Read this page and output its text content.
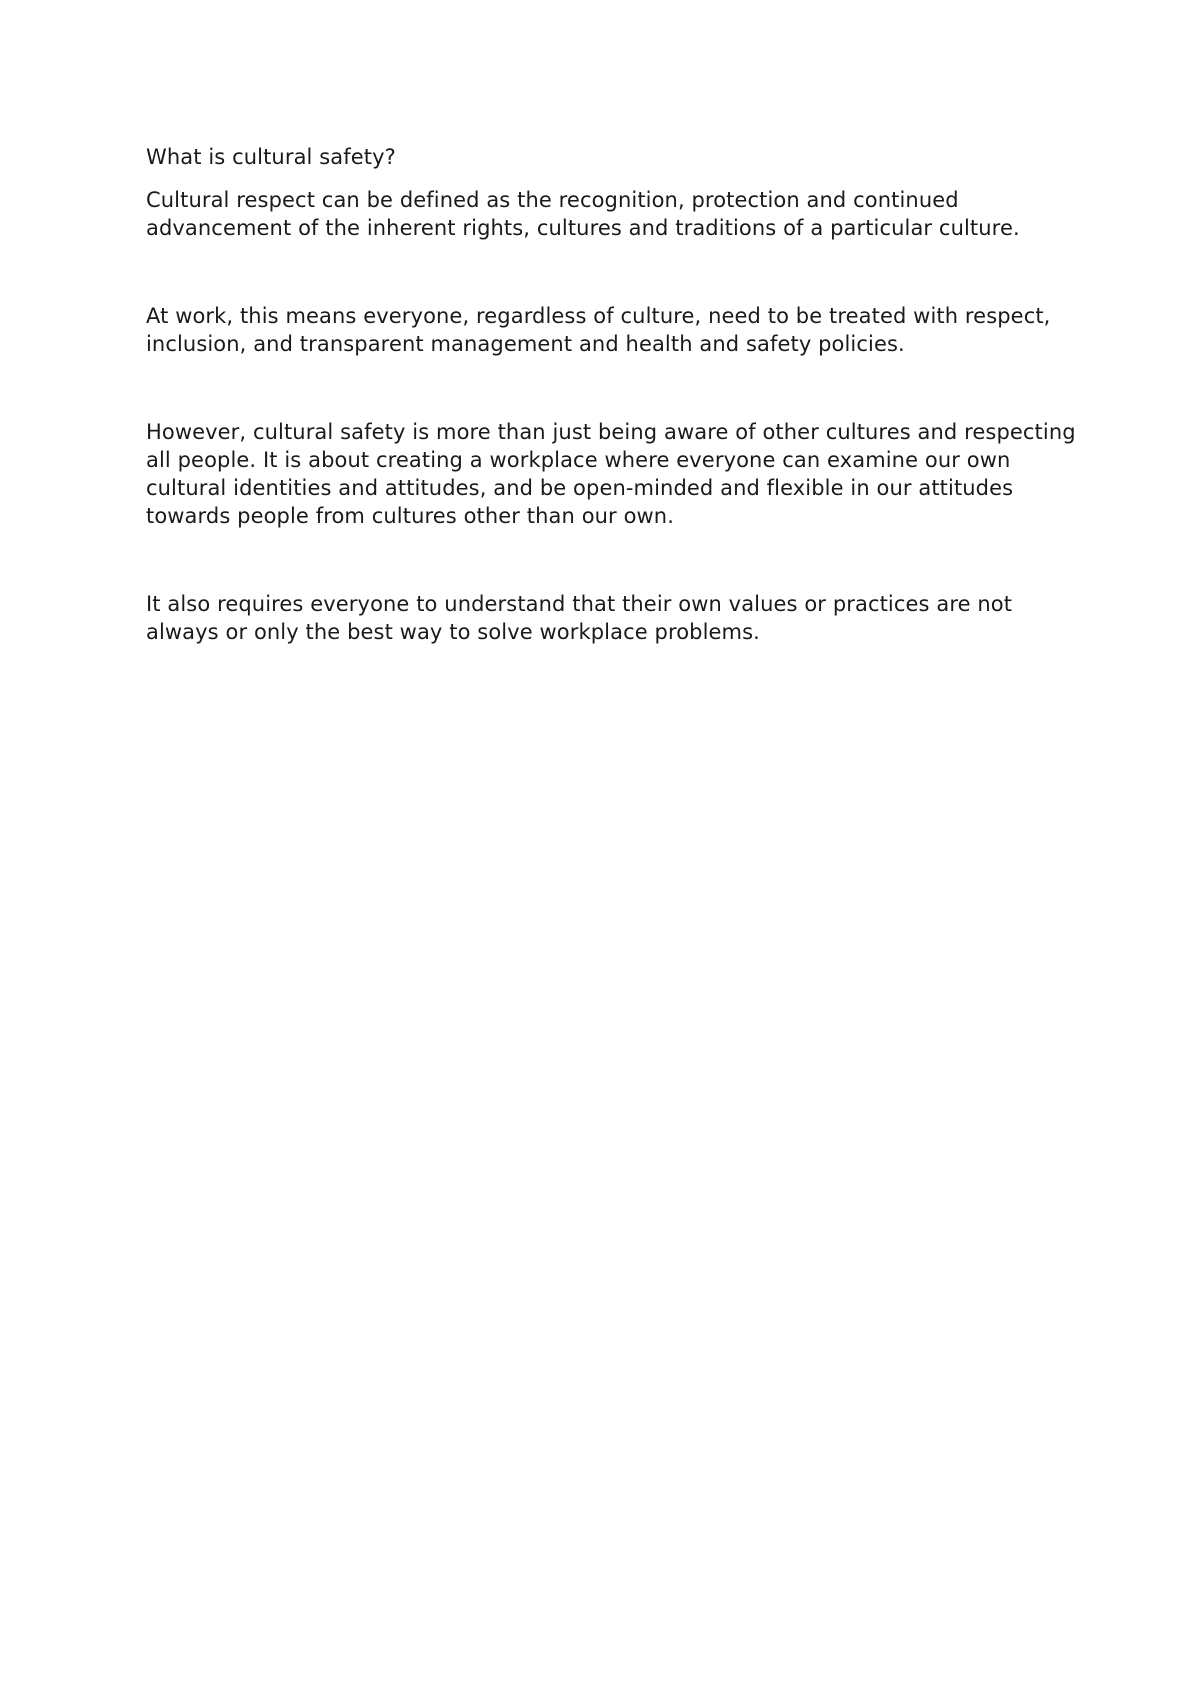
What is cultural safety?

Cultural respect can be defined as the recognition, protection and continued advancement of the inherent rights, cultures and traditions of a particular culture.

At work, this means everyone, regardless of culture, need to be treated with respect, inclusion, and transparent management and health and safety policies.

However, cultural safety is more than just being aware of other cultures and respecting all people. It is about creating a workplace where everyone can examine our own cultural identities and attitudes, and be open-minded and flexible in our attitudes towards people from cultures other than our own.

It also requires everyone to understand that their own values or practices are not always or only the best way to solve workplace problems.
